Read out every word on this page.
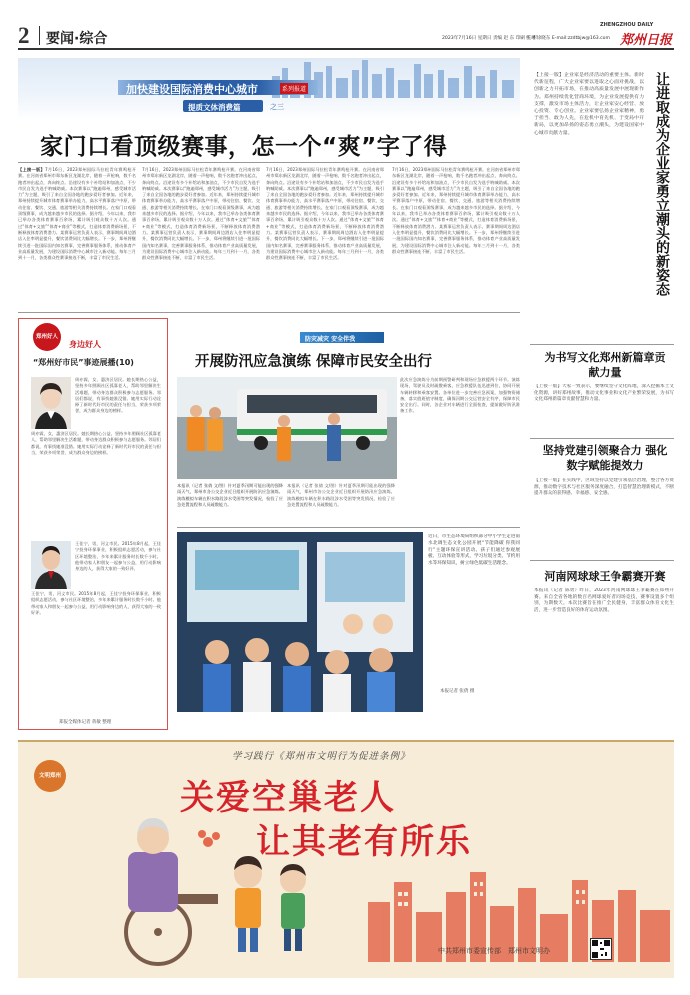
2 要闻·综合	2023年7月16日 星期日 责编 赵 东 印刷 王 彬
校对 徐晓东 E-mail:zzdtbjw@163.com
ZHENGZHOU DAILY
郑州日报
加快建设国际消费中心城市	系列报道
提质文体消费篇	之三
家门口看顶级赛事，怎一个“爽”字了得
【上接一版】7月16日，2023郑州国际马拉松青年赛鸣枪开赛。在河南省郑州市郑东新区龙湖北岸，随着一声枪响，数千名跑者冲出起点，奔向终点。沿途设有多个补给站和加油点，不少市民自发为选手呐喊助威。本次赛事以“跑遍郑州，感受城市活力”为主题，吸引了来自全国各地的跑步爱好者参加。近年来，郑州持续提升城市体育赛事举办能力，高水平赛事落户中原，带动住宿、餐饮、交通、旅游等相关消费持续增长。在家门口观看顶级赛事，成为越来越多市民的选择。据介绍，今年以来，我市已举办各类体育赛事百余场，累计吸引观众数十万人次。通过“体育+文旅”“体育+商业”等模式，打造体育消费新场景，不断释放体育消费潜力。某赛事运营负责人表示，赛事期间周边酒店入住率明显提升，餐饮消费同比大幅增长。下一步，郑州将继续引进一批国际国内知名赛事，完善赛事服务体系，推动体育产业高质量发展，为建设国际消费中心城市注入新动能。每年三月到十一月，各类群众性赛事接连不断，丰富了市民生活。
7月16日，2023郑州国际马拉松青年赛鸣枪开赛。在河南省郑州市郑东新区龙湖北岸，随着一声枪响，数千名跑者冲出起点，奔向终点。沿途设有多个补给站和加油点，不少市民自发为选手呐喊助威。本次赛事以“跑遍郑州，感受城市活力”为主题，吸引了来自全国各地的跑步爱好者参加。近年来，郑州持续提升城市体育赛事举办能力，高水平赛事落户中原，带动住宿、餐饮、交通、旅游等相关消费持续增长。在家门口观看顶级赛事，成为越来越多市民的选择。据介绍，今年以来，我市已举办各类体育赛事百余场，累计吸引观众数十万人次。通过“体育+文旅”“体育+商业”等模式，打造体育消费新场景，不断释放体育消费潜力。某赛事运营负责人表示，赛事期间周边酒店入住率明显提升，餐饮消费同比大幅增长。下一步，郑州将继续引进一批国际国内知名赛事，完善赛事服务体系，推动体育产业高质量发展，为建设国际消费中心城市注入新动能。每年三月到十一月，各类群众性赛事接连不断，丰富了市民生活。
7月16日，2023郑州国际马拉松青年赛鸣枪开赛。在河南省郑州市郑东新区龙湖北岸，随着一声枪响，数千名跑者冲出起点，奔向终点。沿途设有多个补给站和加油点，不少市民自发为选手呐喊助威。本次赛事以“跑遍郑州，感受城市活力”为主题，吸引了来自全国各地的跑步爱好者参加。近年来，郑州持续提升城市体育赛事举办能力，高水平赛事落户中原，带动住宿、餐饮、交通、旅游等相关消费持续增长。在家门口观看顶级赛事，成为越来越多市民的选择。据介绍，今年以来，我市已举办各类体育赛事百余场，累计吸引观众数十万人次。通过“体育+文旅”“体育+商业”等模式，打造体育消费新场景，不断释放体育消费潜力。某赛事运营负责人表示，赛事期间周边酒店入住率明显提升，餐饮消费同比大幅增长。下一步，郑州将继续引进一批国际国内知名赛事，完善赛事服务体系，推动体育产业高质量发展，为建设国际消费中心城市注入新动能。每年三月到十一月，各类群众性赛事接连不断，丰富了市民生活。
7月16日，2023郑州国际马拉松青年赛鸣枪开赛。在河南省郑州市郑东新区龙湖北岸，随着一声枪响，数千名跑者冲出起点，奔向终点。沿途设有多个补给站和加油点，不少市民自发为选手呐喊助威。本次赛事以“跑遍郑州，感受城市活力”为主题，吸引了来自全国各地的跑步爱好者参加。近年来，郑州持续提升城市体育赛事举办能力，高水平赛事落户中原，带动住宿、餐饮、交通、旅游等相关消费持续增长。在家门口观看顶级赛事，成为越来越多市民的选择。据介绍，今年以来，我市已举办各类体育赛事百余场，累计吸引观众数十万人次。通过“体育+文旅”“体育+商业”等模式，打造体育消费新场景，不断释放体育消费潜力。某赛事运营负责人表示，赛事期间周边酒店入住率明显提升，餐饮消费同比大幅增长。下一步，郑州将继续引进一批国际国内知名赛事，完善赛事服务体系，推动体育产业高质量发展，为建设国际消费中心城市注入新动能。每年三月到十一月，各类群众性赛事接连不断，丰富了市民生活。
郑州好人
身边好人
“郑州好市民”事迹展播(10)
周亦霖，女，惠济区居民。她长期热心公益，坚持多年照顾社区孤寡老人，帮助邻里解决生活难题，带动身边群众积极参与志愿服务。邻居们都说，有事找她准没错。她用实际行动诠释了新时代好市民的责任与担当，荣获多项荣誉，成为群众身边的榜样。
周亦霖，女，惠济区居民。她长期热心公益，坚持多年照顾社区孤寡老人，帮助邻里解决生活难题，带动身边群众积极参与志愿服务。邻居们都说，有事找她准没错。她用实际行动诠释了新时代好市民的责任与担当，荣获多项荣誉，成为群众身边的榜样。
王佳宁，男，河义市民。2015年8月起，王佳宁投身环保事业，积极组织志愿活动，参与社区环境整治，多年来累计服务时长数千小时。他带动家人和朋友一起参与公益，用行动影响身边的人，获得大家的一致好评。
王佳宁，男，河义市民。2015年8月起，王佳宁投身环保事业，积极组织志愿活动，参与社区环境整治，多年来累计服务时长数千小时。他带动家人和朋友一起参与公益，用行动影响身边的人，获得大家的一致好评。
郑报全媒体记者 蒋敏 整理
防灾减灾 安全伴我
开展防汛应急演练 保障市民安全出行
本报讯（记者 张倩 文/图）针对夏季汛期可能出现的强降雨天气，郑州市各公交企业近日组织开展防汛应急演练。演练模拟车辆在积水路段涉水受困等突发情况，检验了应急处置流程和人员疏散能力。
本报讯（记者 张倩 文/图）针对夏季汛期可能出现的强降雨天气，郑州市各公交企业近日组织开展防汛应急演练。演练模拟车辆在积水路段涉水受困等突发情况，检验了应急处置流程和人员疏散能力。
此次应急演练分为前期预警研判和现场应急救援两个环节。演练现场，驾驶员及时疏散乘客，应急救援队伍迅速到位，协同开展车辆转移和乘客安置。各单位进一步完善应急预案，加强物资储备，落实值班值守制度，确保汛期公交运营安全有序，保障市民安全出行。同时，各企业对车辆进行全面检查，提前做好防汛准备工作。
近日，市生态环境局组织部分中小学生走进南水北调生态文化公园开展“节能降碳 你我同行”主题环保宣讲活动。孩子们通过参观展板、互动体验等形式，学习垃圾分类、节约用水等环保知识，树立绿色低碳生活理念。
本报记者 张倩 摄
让进取成为企业家勇立潮头的新姿态
【上接一版】企业家是经济活动的重要主体。新时代新征程，广大企业家要以进取之心面对挑战，以创新之力开拓市场，在推动高质量发展中展现新作为。郑州持续优化营商环境，为企业发展提供有力支撑，激发市场主体活力，让企业家安心经营、放心投资、专心创业。企业家要弘扬企业家精神，勇于担当、敢为人先，在危机中育先机、于变局中开新局，以更加昂扬的姿态勇立潮头，为建设国家中心城市贡献力量。
为书写文化郑州新篇章贡献力量
【上接一版】大家一致表示，要继续坚守文化阵地，深入挖掘本土文化资源，讲好郑州故事，推动文化事业和文化产业繁荣发展，为书写文化郑州新篇章贡献智慧和力量。
坚持党建引领聚合力 强化数字赋能提效力
【上接一版】在实践中，区域坚持以党建引领基层治理，整合各方资源，推动数字技术与社区服务深度融合，打造智慧治理新模式，不断提升群众的获得感、幸福感、安全感。
河南网球球王争霸赛开赛
本报讯（记者 陈勇）昨日，2023年河南网球球王争霸赛在郑州开赛。来自全省各地的数百名网球爱好者同场竞技，赛事设置多个组别，为期数天。本次比赛旨在推广全民健身，丰富群众体育文化生活，进一步营造良好的体育运动氛围。
文明郑州
学习践行《郑州市文明行为促进条例》
关爱空巢老人
让其老有所乐
中共郑州市委宣传部　郑州市文明办
